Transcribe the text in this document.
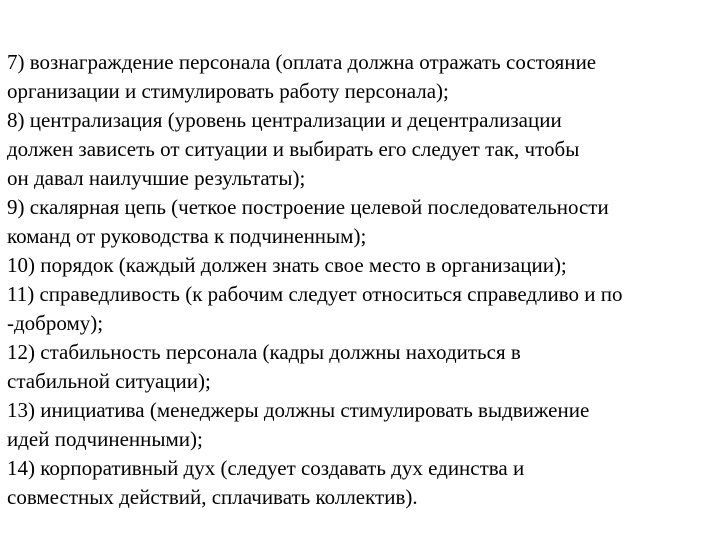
7) вознаграждение персонала (оплата должна отражать состояние
организации и стимулировать работу персонала);

8) централизация (уровень централизации и децентрализации
должен зависеть от ситуации и выбирать его следует так, чтобы
он давал наилучшие результаты);

9) скалярная цепь (четкое построение целевой последовательности
команд от руководства к подчиненным);

10) порядок (каждый должен знать свое место в организации);

11) справедливость (к рабочим следует относиться справедливо и по
-доброму);

12) стабильность персонала (кадры должны находиться в
стабильной ситуации);

13) инициатива (менеджеры должны стимулировать выдвижение
идей подчиненными);

14) корпоративный дух (следует создавать дух единства и
совместных действий, сплачивать коллектив).
